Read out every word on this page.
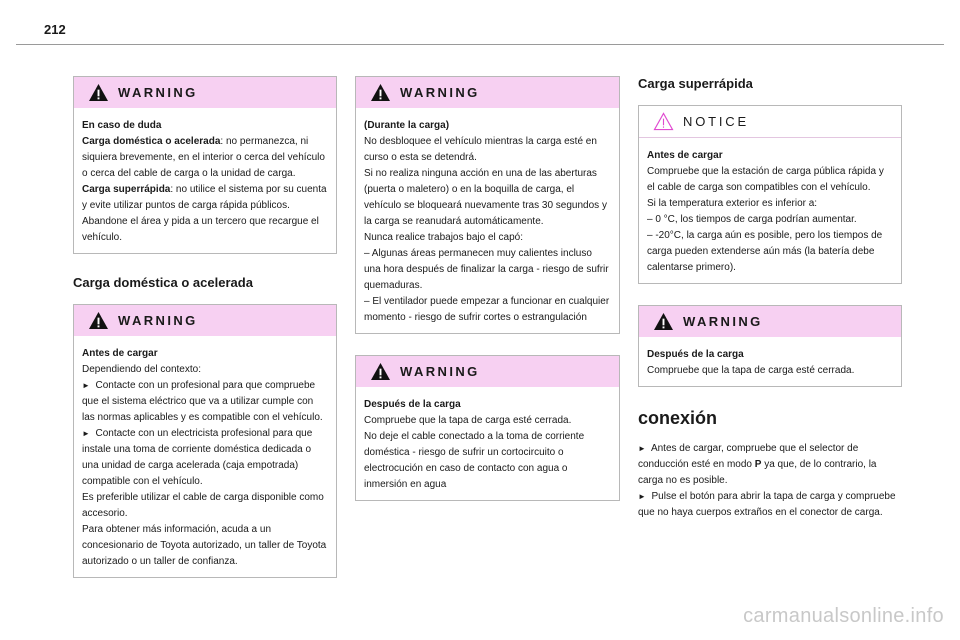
212
WARNING

En caso de duda

Carga doméstica o acelerada: no permanezca, ni siquiera brevemente, en el interior o cerca del vehículo o cerca del cable de carga o la unidad de carga.

Carga superrápida: no utilice el sistema por su cuenta y evite utilizar puntos de carga rápida públicos. Abandone el área y pida a un tercero que recargue el vehículo.

Carga doméstica o acelerada
WARNING

Antes de cargar

Dependiendo del contexto:

► Contacte con un profesional para que compruebe que el sistema eléctrico que va a utilizar cumple con las normas aplicables y es compatible con el vehículo.

► Contacte con un electricista profesional para que instale una toma de corriente doméstica dedicada o una unidad de carga acelerada (caja empotrada) compatible con el vehículo.

Es preferible utilizar el cable de carga disponible como accesorio.

Para obtener más información, acuda a un concesionario de Toyota autorizado, un taller de Toyota autorizado o un taller de confianza.

WARNING

(Durante la carga)

No desbloquee el vehículo mientras la carga esté en curso o esta se detendrá.

Si no realiza ninguna acción en una de las aberturas (puerta o maletero) o en la boquilla de carga, el vehículo se bloqueará nuevamente tras 30 segundos y la carga se reanudará automáticamente.

Nunca realice trabajos bajo el capó:

– Algunas áreas permanecen muy calientes incluso una hora después de finalizar la carga - riesgo de sufrir quemaduras.

– El ventilador puede empezar a funcionar en cualquier momento - riesgo de sufrir cortes o estrangulación

WARNING

Después de la carga

Compruebe que la tapa de carga esté cerrada.

No deje el cable conectado a la toma de corriente doméstica - riesgo de sufrir un cortocircuito o electrocución en caso de contacto con agua o inmersión en agua

Carga superrápida
NOTICE

Antes de cargar

Compruebe que la estación de carga pública rápida y el cable de carga son compatibles con el vehículo.

Si la temperatura exterior es inferior a:

– 0 °C, los tiempos de carga podrían aumentar.

– -20°C, la carga aún es posible, pero los tiempos de carga pueden extenderse aún más (la batería debe calentarse primero).

WARNING

Después de la carga

Compruebe que la tapa de carga esté cerrada.

conexión

► Antes de cargar, compruebe que el selector de conducción esté en modo P ya que, de lo contrario, la carga no es posible.

► Pulse el botón para abrir la tapa de carga y compruebe que no haya cuerpos extraños en el conector de carga.

carmanualsonline.info
